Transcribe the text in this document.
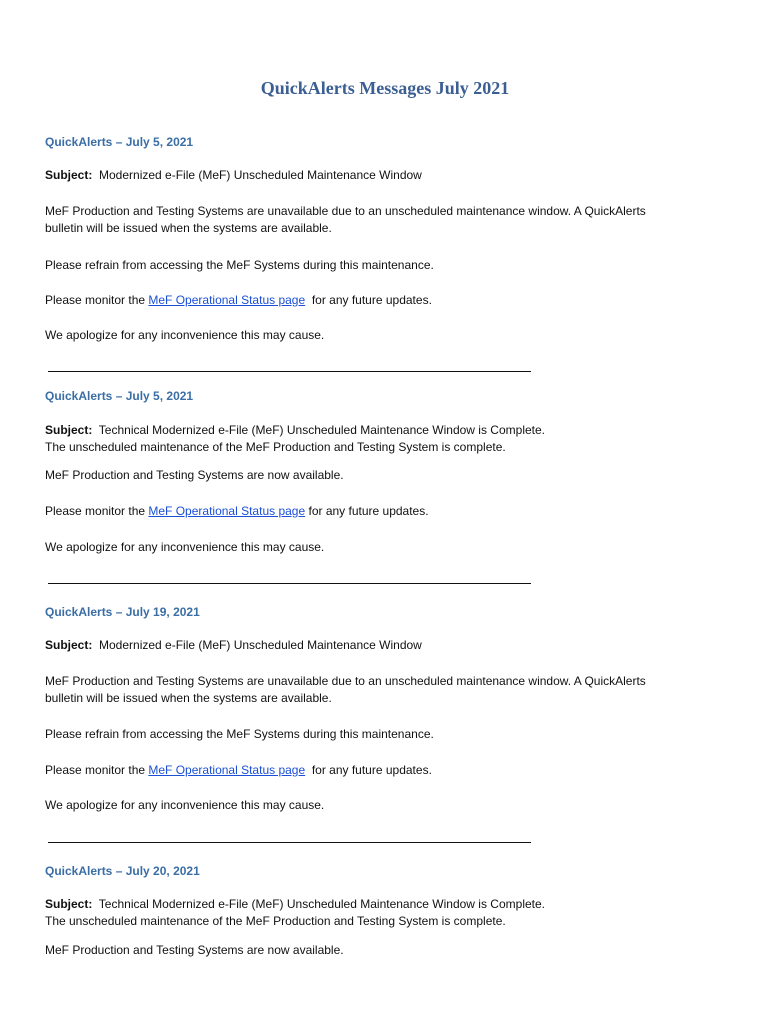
QuickAlerts Messages July 2021
QuickAlerts – July 5, 2021
Subject: Modernized e-File (MeF) Unscheduled Maintenance Window
MeF Production and Testing Systems are unavailable due to an unscheduled maintenance window. A QuickAlerts
bulletin will be issued when the systems are available.
Please refrain from accessing the MeF Systems during this maintenance.
Please monitor the MeF Operational Status page  for any future updates.
We apologize for any inconvenience this may cause.
QuickAlerts – July 5, 2021
Subject: Technical Modernized e-File (MeF) Unscheduled Maintenance Window is Complete.
The unscheduled maintenance of the MeF Production and Testing System is complete.
MeF Production and Testing Systems are now available.
Please monitor the MeF Operational Status page for any future updates.
We apologize for any inconvenience this may cause.
QuickAlerts – July 19, 2021
Subject: Modernized e-File (MeF) Unscheduled Maintenance Window
MeF Production and Testing Systems are unavailable due to an unscheduled maintenance window. A QuickAlerts
bulletin will be issued when the systems are available.
Please refrain from accessing the MeF Systems during this maintenance.
Please monitor the MeF Operational Status page  for any future updates.
We apologize for any inconvenience this may cause.
QuickAlerts – July 20, 2021
Subject: Technical Modernized e-File (MeF) Unscheduled Maintenance Window is Complete.
The unscheduled maintenance of the MeF Production and Testing System is complete.
MeF Production and Testing Systems are now available.
